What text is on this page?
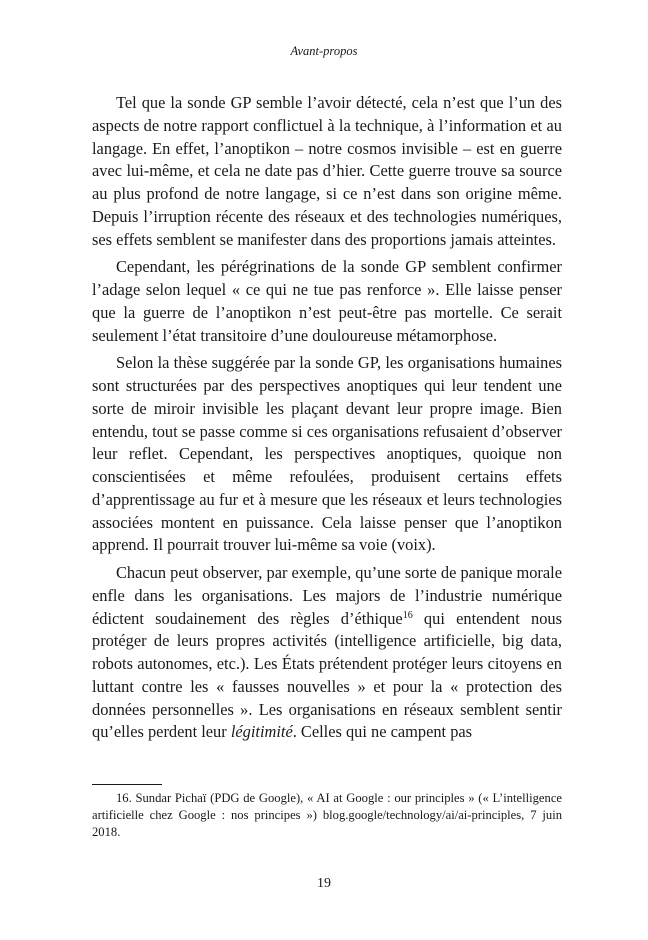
Avant-propos

Tel que la sonde GP semble l’avoir détecté, cela n’est que l’un des aspects de notre rapport conflictuel à la technique, à l’information et au langage. En effet, l’anoptikon – notre cosmos invisible – est en guerre avec lui-même, et cela ne date pas d’hier. Cette guerre trouve sa source au plus profond de notre langage, si ce n’est dans son origine même. Depuis l’irruption récente des réseaux et des technologies numériques, ses effets semblent se manifester dans des proportions jamais atteintes.

Cependant, les pérégrinations de la sonde GP semblent confirmer l’adage selon lequel « ce qui ne tue pas renforce ». Elle laisse penser que la guerre de l’anoptikon n’est peut-être pas mortelle. Ce serait seulement l’état transitoire d’une douloureuse métamorphose.

Selon la thèse suggérée par la sonde GP, les organisations humaines sont structurées par des perspectives anoptiques qui leur tendent une sorte de miroir invisible les plaçant devant leur propre image. Bien entendu, tout se passe comme si ces organisations refusaient d’observer leur reflet. Cependant, les perspectives anoptiques, quoique non conscientisées et même refoulées, produisent certains effets d’apprentissage au fur et à mesure que les réseaux et leurs technologies associées montent en puissance. Cela laisse penser que l’anoptikon apprend. Il pourrait trouver lui-même sa voie (voix).

Chacun peut observer, par exemple, qu’une sorte de panique morale enfle dans les organisations. Les majors de l’industrie numérique édictent soudainement des règles d’éthique$^{16}$ qui entendent nous protéger de leurs propres activités (intelligence artificielle, big data, robots autonomes, etc.). Les États prétendent protéger leurs citoyens en luttant contre les « fausses nouvelles » et pour la « protection des données personnelles ». Les organisations en réseaux semblent sentir qu’elles perdent leur légitimité. Celles qui ne campent pas

16. Sundar Pichaï (PDG de Google), « AI at Google : our principles » (« L’intelligence artificielle chez Google : nos principes ») blog.google/technology/ai/ai-principles, 7 juin 2018.
19
